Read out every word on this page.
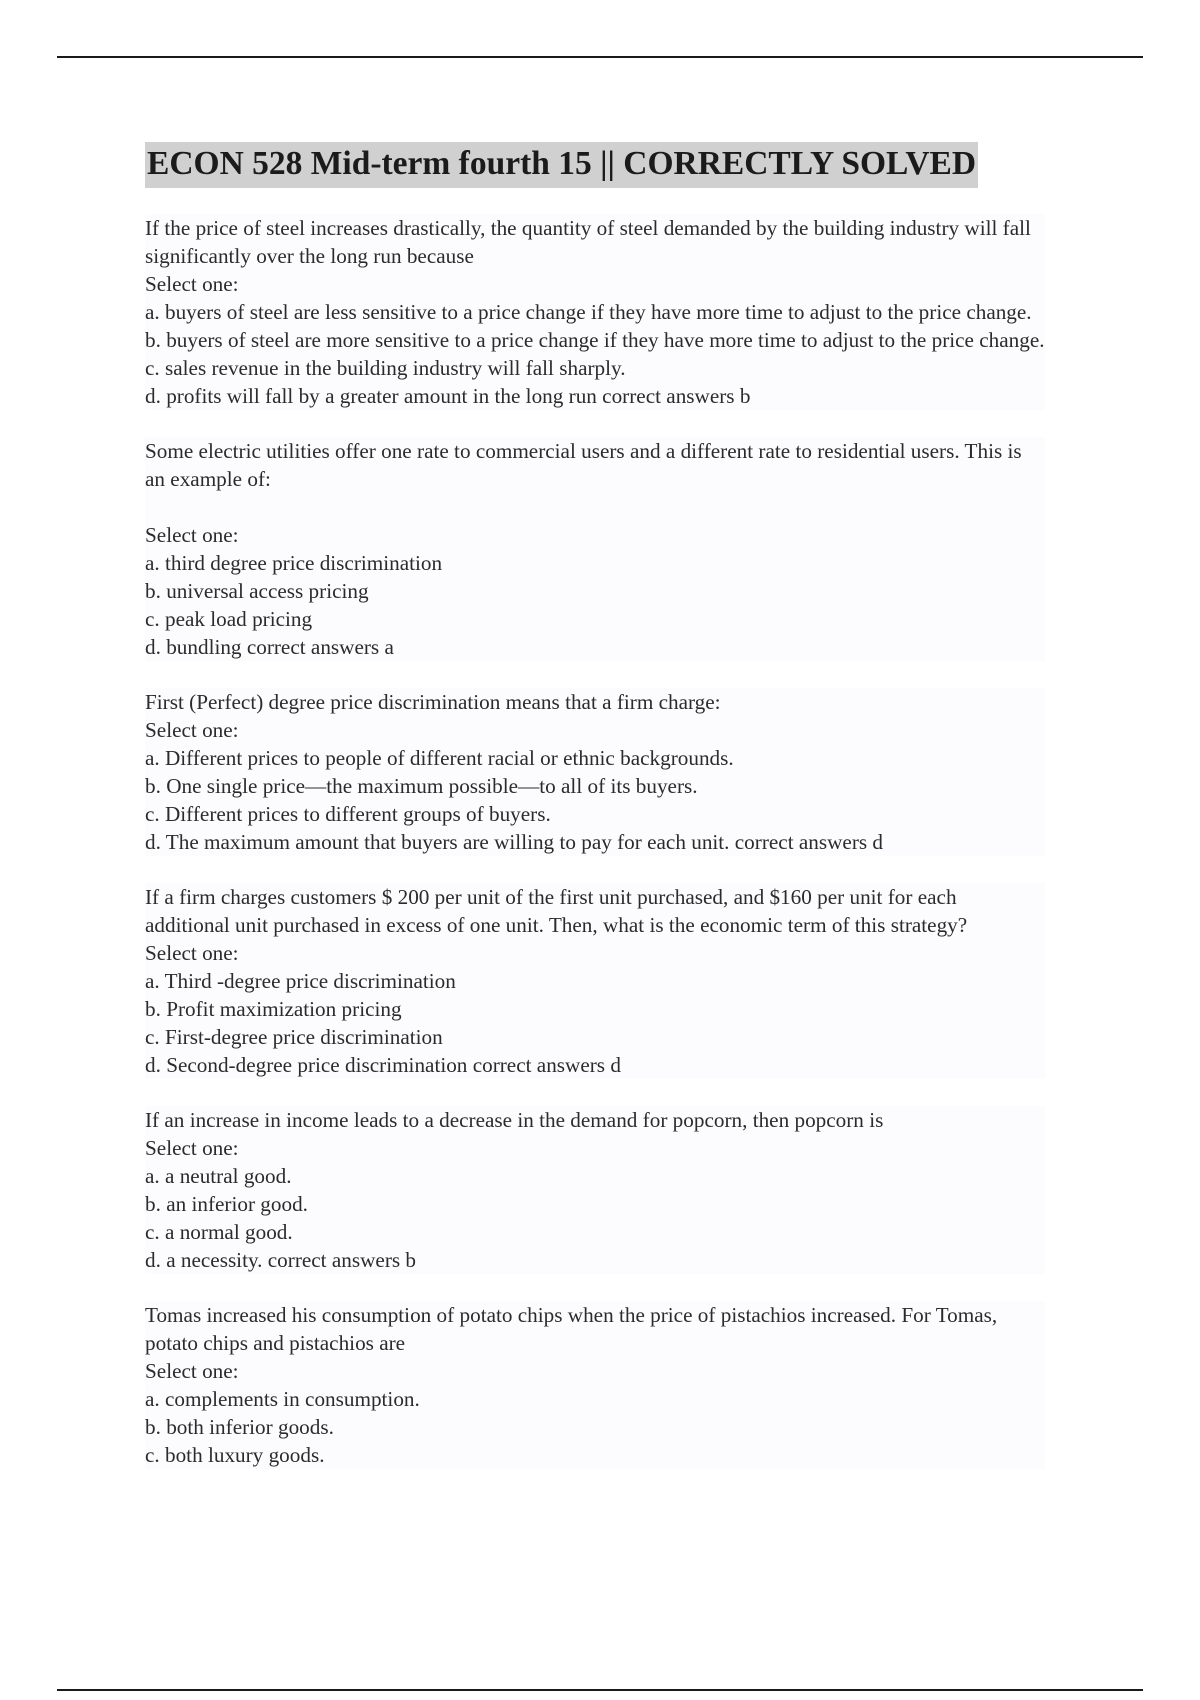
ECON 528 Mid-term fourth 15 || CORRECTLY SOLVED
If the price of steel increases drastically, the quantity of steel demanded by the building industry will fall significantly over the long run because
Select one:
a. buyers of steel are less sensitive to a price change if they have more time to adjust to the price change.
b. buyers of steel are more sensitive to a price change if they have more time to adjust to the price change.
c. sales revenue in the building industry will fall sharply.
d. profits will fall by a greater amount in the long run correct answers b
Some electric utilities offer one rate to commercial users and a different rate to residential users. This is an example of:
Select one:
a. third degree price discrimination
b. universal access pricing
c. peak load pricing
d. bundling correct answers a
First (Perfect) degree price discrimination means that a firm charge:
Select one:
a. Different prices to people of different racial or ethnic backgrounds.
b. One single price—the maximum possible—to all of its buyers.
c. Different prices to different groups of buyers.
d. The maximum amount that buyers are willing to pay for each unit. correct answers d
If a firm charges customers $ 200 per unit of the first unit purchased, and $160 per unit for each additional unit purchased in excess of one unit. Then, what is the economic term of this strategy?
Select one:
a. Third -degree price discrimination
b. Profit maximization pricing
c. First-degree price discrimination
d. Second-degree price discrimination correct answers d
If an increase in income leads to a decrease in the demand for popcorn, then popcorn is
Select one:
a. a neutral good.
b. an inferior good.
c. a normal good.
d. a necessity. correct answers b
Tomas increased his consumption of potato chips when the price of pistachios increased. For Tomas, potato chips and pistachios are
Select one:
a. complements in consumption.
b. both inferior goods.
c. both luxury goods.
